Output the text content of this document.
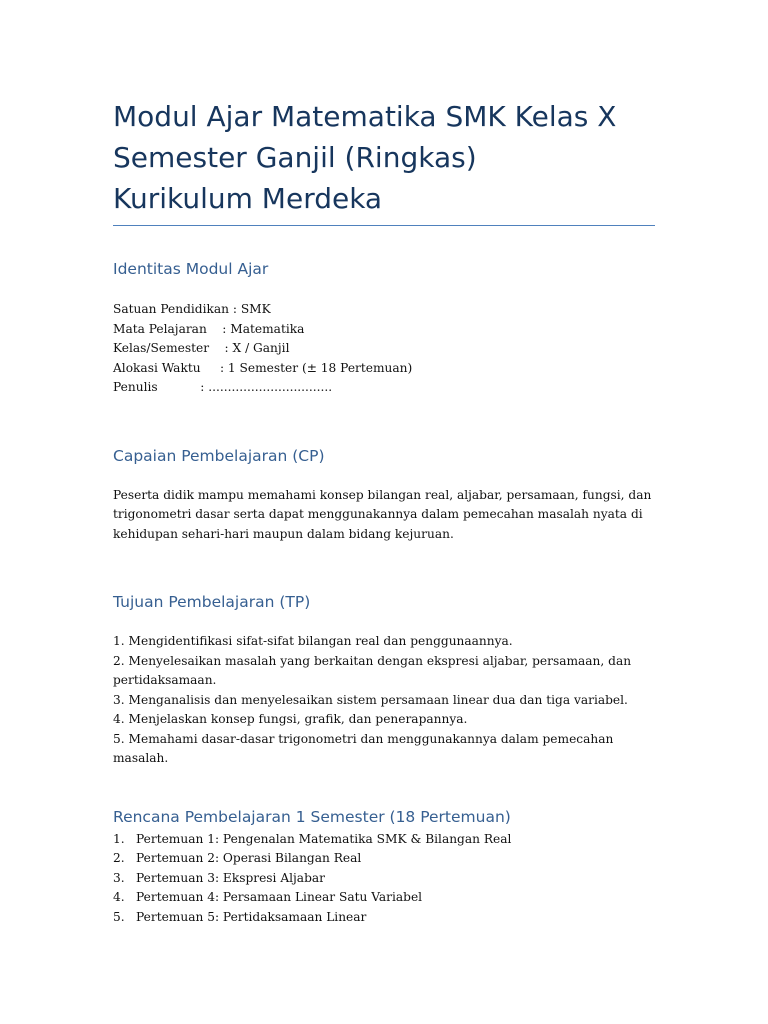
Modul Ajar Matematika SMK Kelas X
Semester Ganjil (Ringkas)
Kurikulum Merdeka
Identitas Modul Ajar
Satuan Pendidikan : SMK
Mata Pelajaran    : Matematika
Kelas/Semester    : X / Ganjil
Alokasi Waktu     : 1 Semester (± 18 Pertemuan)
Penulis           : ................................
Capaian Pembelajaran (CP)

Peserta didik mampu memahami konsep bilangan real, aljabar, persamaan, fungsi, dan trigonometri dasar serta dapat menggunakannya dalam pemecahan masalah nyata di kehidupan sehari-hari maupun dalam bidang kejuruan.

Tujuan Pembelajaran (TP)
1. Mengidentifikasi sifat-sifat bilangan real dan penggunaannya.
2. Menyelesaikan masalah yang berkaitan dengan ekspresi aljabar, persamaan, dan pertidaksamaan.
3. Menganalisis dan menyelesaikan sistem persamaan linear dua dan tiga variabel.
4. Menjelaskan konsep fungsi, grafik, dan penerapannya.
5. Memahami dasar-dasar trigonometri dan menggunakannya dalam pemecahan masalah.
Rencana Pembelajaran 1 Semester (18 Pertemuan)
1. Pertemuan 1: Pengenalan Matematika SMK & Bilangan Real
2. Pertemuan 2: Operasi Bilangan Real
3. Pertemuan 3: Ekspresi Aljabar
4. Pertemuan 4: Persamaan Linear Satu Variabel
5. Pertemuan 5: Pertidaksamaan Linear
